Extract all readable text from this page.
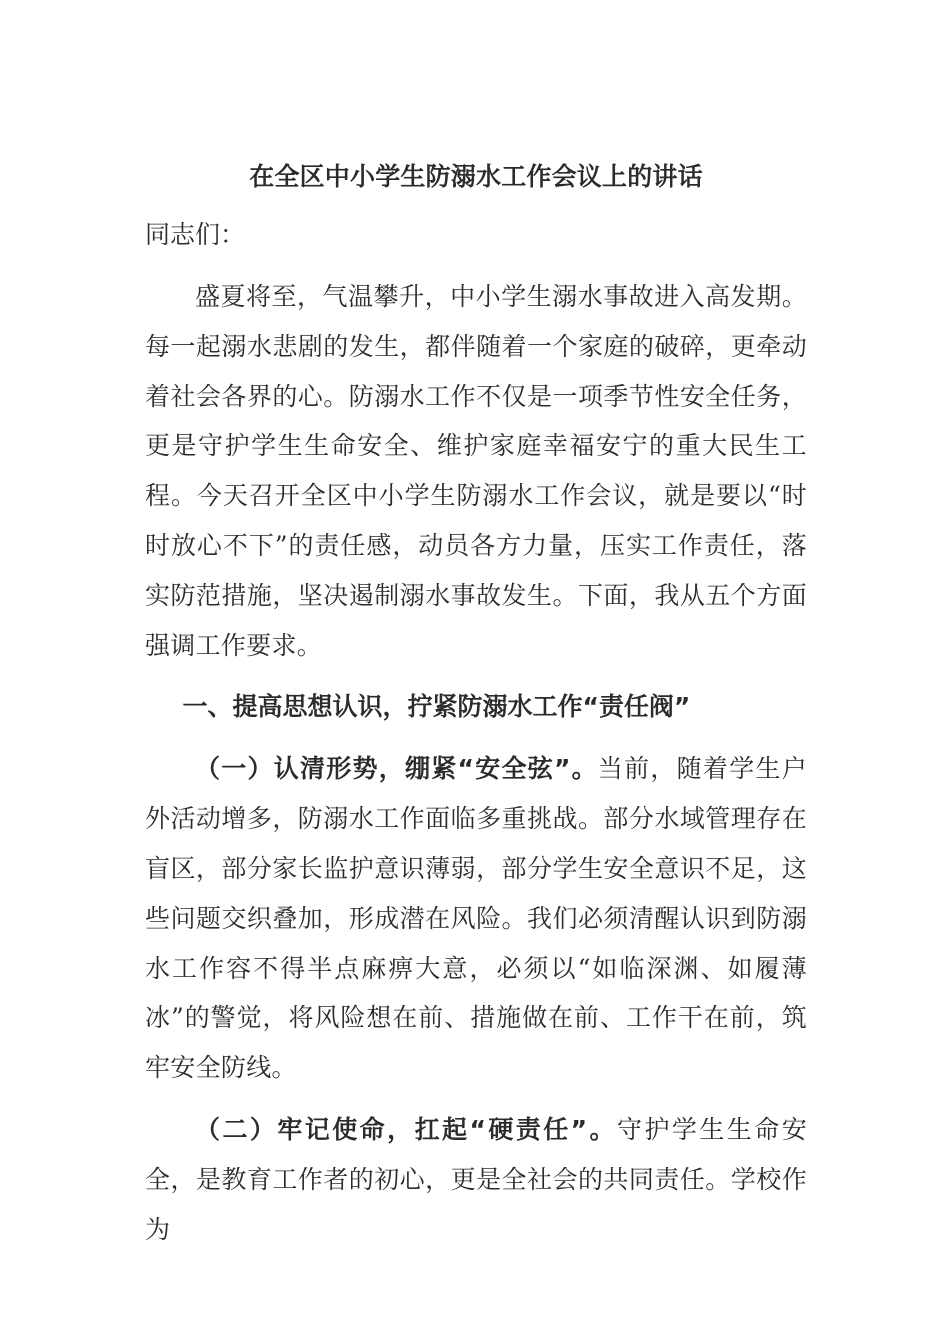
在全区中小学生防溺水工作会议上的讲话

同志们：

盛夏将至，气温攀升，中小学生溺水事故进入高发期。每一起溺水悲剧的发生，都伴随着一个家庭的破碎，更牵动着社会各界的心。防溺水工作不仅是一项季节性安全任务，更是守护学生生命安全、维护家庭幸福安宁的重大民生工程。今天召开全区中小学生防溺水工作会议，就是要以“时时放心不下”的责任感，动员各方力量，压实工作责任，落实防范措施，坚决遏制溺水事故发生。下面，我从五个方面强调工作要求。

一、提高思想认识，拧紧防溺水工作“责任阀”

（一）认清形势，绷紧“安全弦”。当前，随着学生户外活动增多，防溺水工作面临多重挑战。部分水域管理存在盲区，部分家长监护意识薄弱，部分学生安全意识不足，这些问题交织叠加，形成潜在风险。我们必须清醒认识到防溺水工作容不得半点麻痹大意，必须以“如临深渊、如履薄冰”的警觉，将风险想在前、措施做在前、工作干在前，筑牢安全防线。

（二）牢记使命，扛起“硬责任”。守护学生生命安全，是教育工作者的初心，更是全社会的共同责任。学校作为
